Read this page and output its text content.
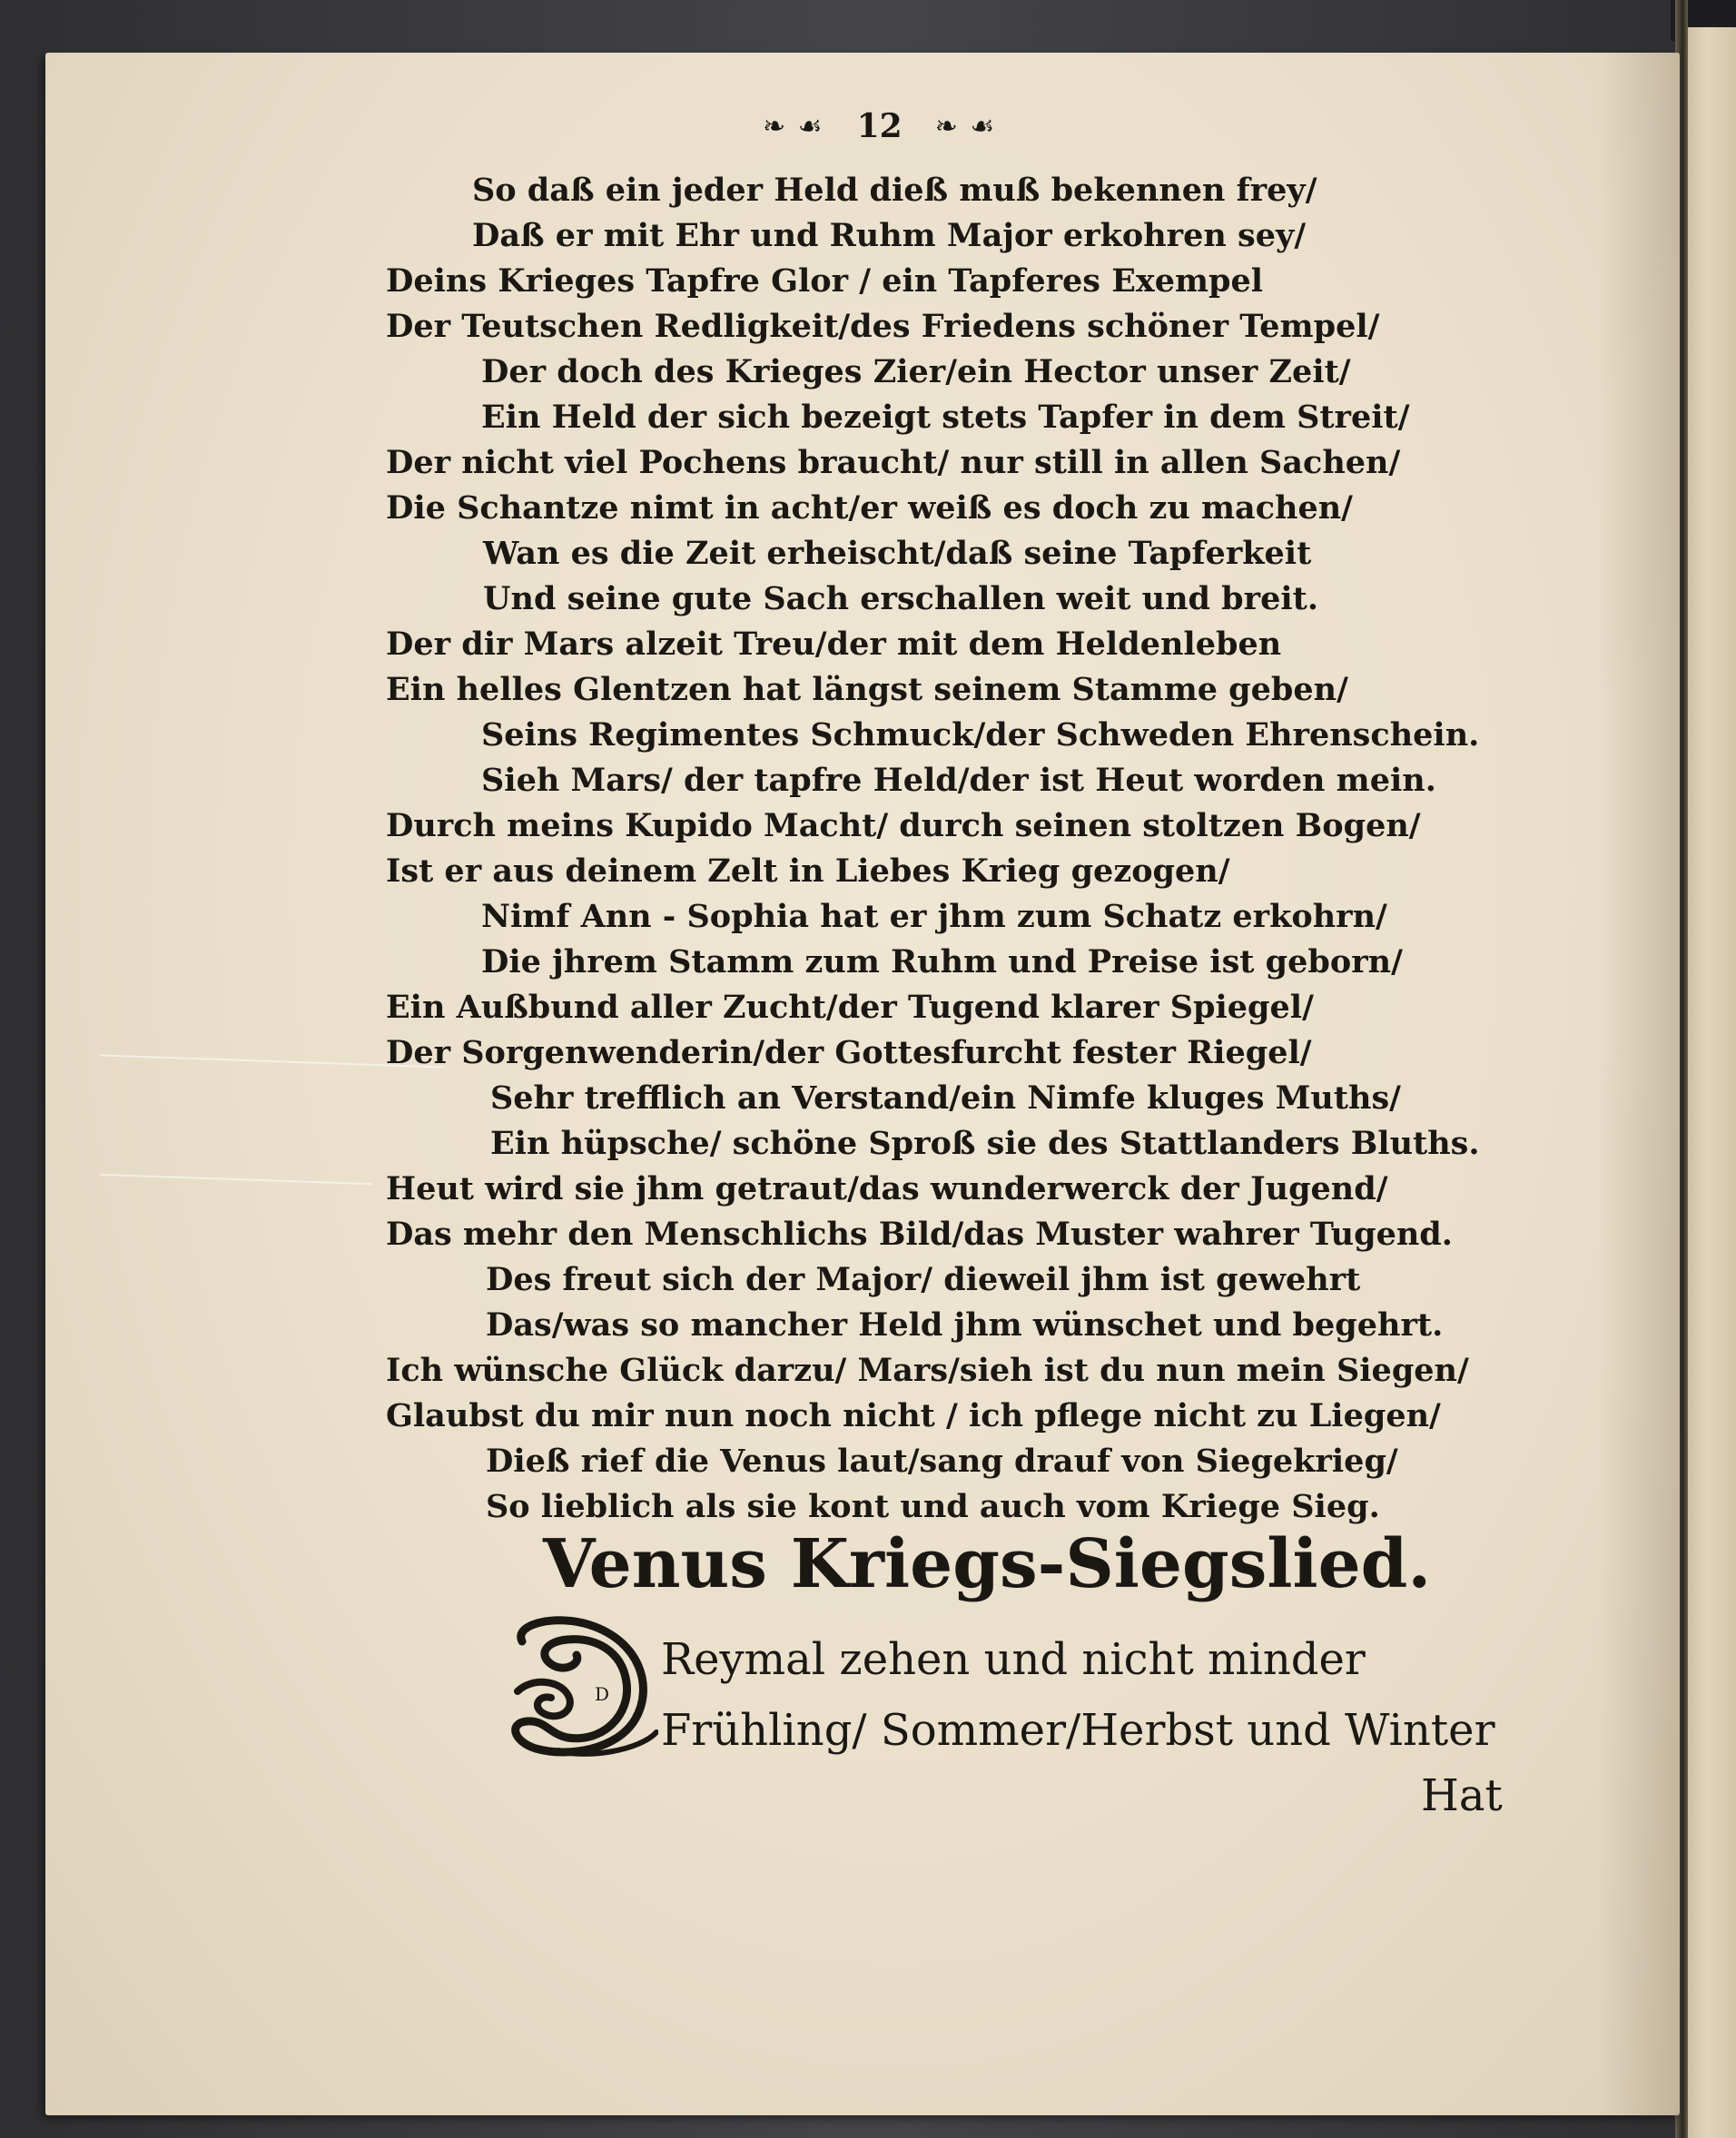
❧ ☙ 12 ❧ ☙
So daß ein jeder Held dieß muß bekennen frey/
Daß er mit Ehr und Ruhm Major erkohren sey/
Deins Krieges Tapfre Glor / ein Tapferes Exempel
Der Teutschen Redligkeit/des Friedens schöner Tempel/
Der doch des Krieges Zier/ein Hector unser Zeit/
Ein Held der sich bezeigt stets Tapfer in dem Streit/
Der nicht viel Pochens braucht/ nur still in allen Sachen/
Die Schantze nimt in acht/er weiß es doch zu machen/
Wan es die Zeit erheischt/daß seine Tapferkeit
Und seine gute Sach erschallen weit und breit.
Der dir Mars alzeit Treu/der mit dem Heldenleben
Ein helles Glentzen hat längst seinem Stamme geben/
Seins Regimentes Schmuck/der Schweden Ehrenschein.
Sieh Mars/ der tapfre Held/der ist Heut worden mein.
Durch meins Kupido Macht/ durch seinen stoltzen Bogen/
Ist er aus deinem Zelt in Liebes Krieg gezogen/
Nimf Ann - Sophia hat er jhm zum Schatz erkohrn/
Die jhrem Stamm zum Ruhm und Preise ist geborn/
Ein Außbund aller Zucht/der Tugend klarer Spiegel/
Der Sorgenwenderin/der Gottesfurcht fester Riegel/
Sehr trefflich an Verstand/ein Nimfe kluges Muths/
Ein hüpsche/ schöne Sproß sie des Stattlanders Bluths.
Heut wird sie jhm getraut/das wunderwerck der Jugend/
Das mehr den Menschlichs Bild/das Muster wahrer Tugend.
Des freut sich der Major/ dieweil jhm ist gewehrt
Das/was so mancher Held jhm wünschet und begehrt.
Ich wünsche Glück darzu/ Mars/sieh ist du nun mein Siegen/
Glaubst du mir nun noch nicht / ich pflege nicht zu Liegen/
Dieß rief die Venus laut/sang drauf von Siegekrieg/
So lieblich als sie kont und auch vom Kriege Sieg.
Venus Kriegs-Siegslied.
D
Reymal zehen und nicht minder
Frühling/ Sommer/Herbst und Winter
Hat
